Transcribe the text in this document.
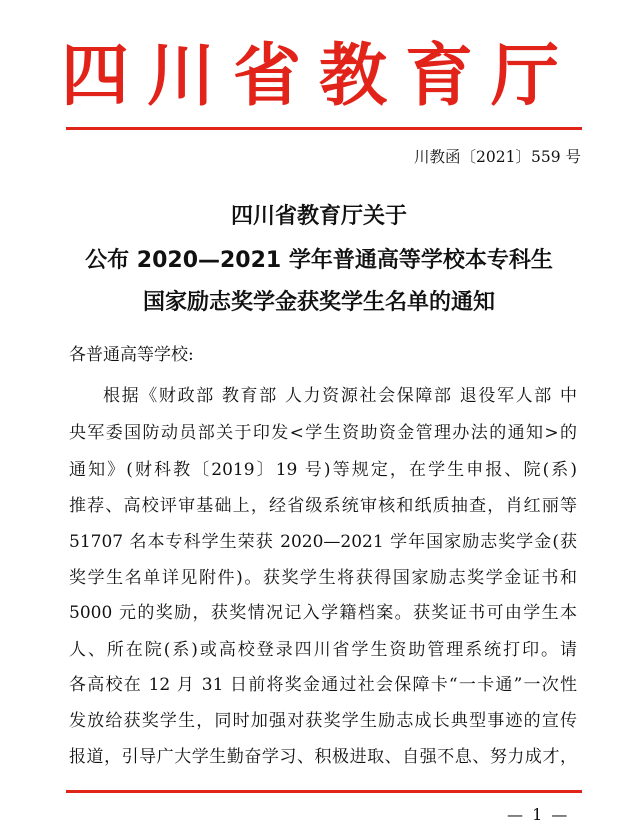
四川省教育厅
川教函〔2021〕559 号
四川省教育厅关于
公布 2020—2021 学年普通高等学校本专科生
国家励志奖学金获奖学生名单的通知
各普通高等学校:
根据《财政部 教育部 人力资源社会保障部 退役军人部 中
央军委国防动员部关于印发<学生资助资金管理办法的通知>的
通知》(财科教〔2019〕19 号)等规定，在学生申报、院(系)
推荐、高校评审基础上，经省级系统审核和纸质抽查，肖红丽等
51707 名本专科学生荣获 2020—2021 学年国家励志奖学金(获
奖学生名单详见附件)。获奖学生将获得国家励志奖学金证书和
5000 元的奖励，获奖情况记入学籍档案。获奖证书可由学生本
人、所在院(系)或高校登录四川省学生资助管理系统打印。请
各高校在 12 月 31 日前将奖金通过社会保障卡“一卡通”一次性
发放给获奖学生，同时加强对获奖学生励志成长典型事迹的宣传
报道，引导广大学生勤奋学习、积极进取、自强不息、努力成才，
— 1 —
